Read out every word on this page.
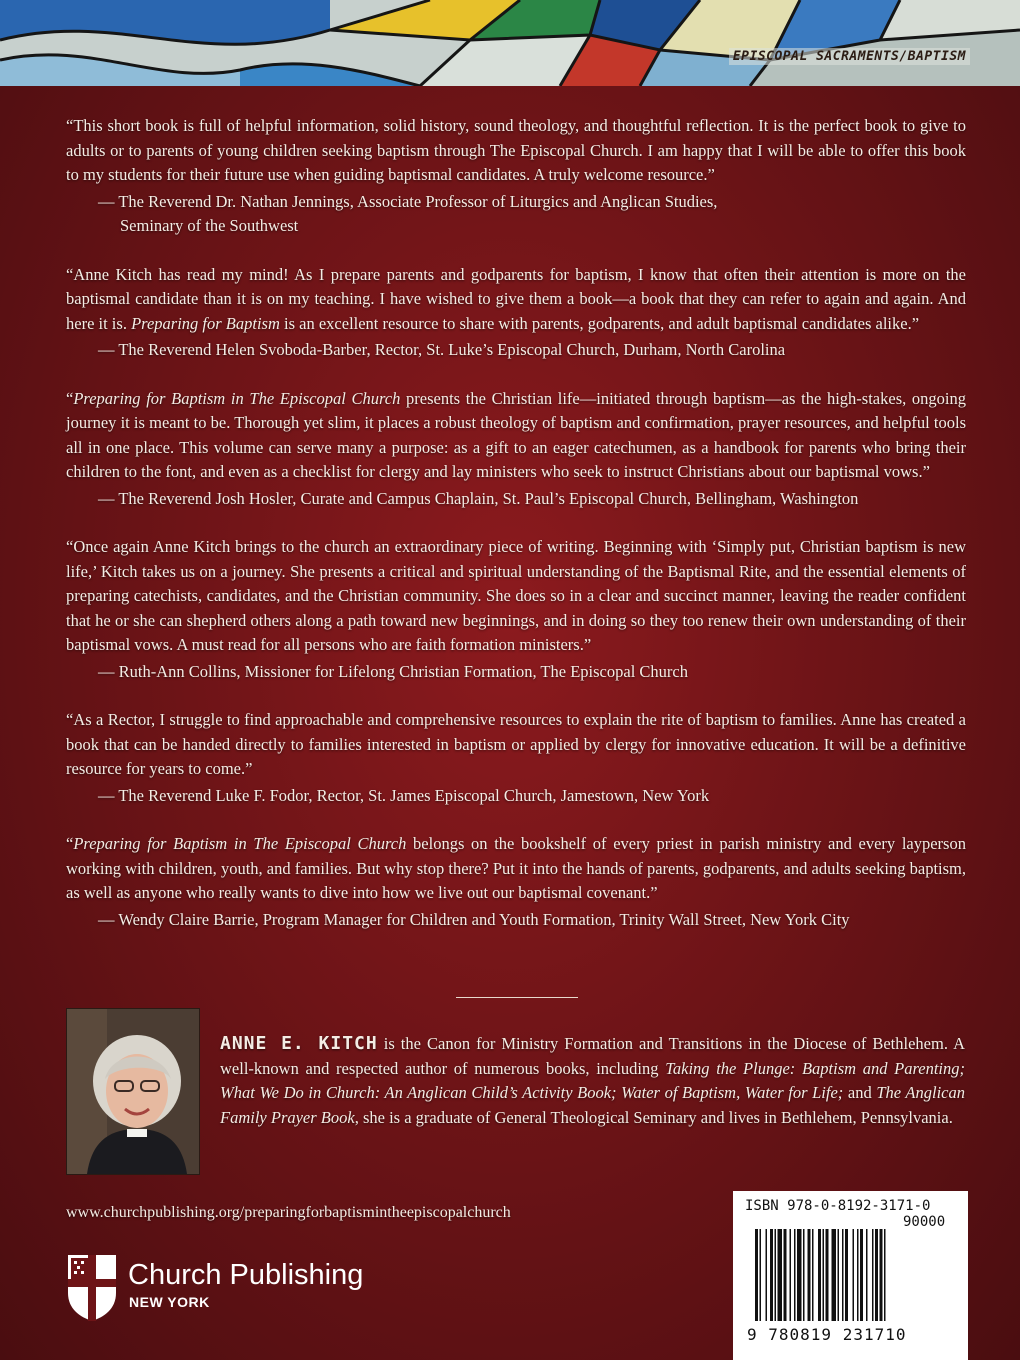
EPISCOPAL SACRAMENTS/BAPTISM

“This short book is full of helpful information, solid history, sound theology, and thoughtful reflection. It is the perfect book to give to adults or to parents of young children seeking baptism through The Episcopal Church. I am happy that I will be able to offer this book to my students for their future use when guiding baptismal candidates. A truly welcome resource.”

— The Reverend Dr. Nathan Jennings, Associate Professor of Liturgics and Anglican Studies,
Seminary of the Southwest

“Anne Kitch has read my mind! As I prepare parents and godparents for baptism, I know that often their attention is more on the baptismal candidate than it is on my teaching. I have wished to give them a book—a book that they can refer to again and again. And here it is. Preparing for Baptism is an excellent resource to share with parents, godparents, and adult baptismal candidates alike.”

— The Reverend Helen Svoboda-Barber, Rector, St. Luke’s Episcopal Church, Durham, North Carolina

“Preparing for Baptism in The Episcopal Church presents the Christian life—initiated through baptism—as the high-stakes, ongoing journey it is meant to be. Thorough yet slim, it places a robust theology of baptism and confirmation, prayer resources, and helpful tools all in one place. This volume can serve many a purpose: as a gift to an eager catechumen, as a handbook for parents who bring their children to the font, and even as a checklist for clergy and lay ministers who seek to instruct Christians about our baptismal vows.”

— The Reverend Josh Hosler, Curate and Campus Chaplain, St. Paul’s Episcopal Church, Bellingham, Washington

“Once again Anne Kitch brings to the church an extraordinary piece of writing. Beginning with ‘Simply put, Christian baptism is new life,’ Kitch takes us on a journey. She presents a critical and spiritual understanding of the Baptismal Rite, and the essential elements of preparing catechists, candidates, and the Christian community. She does so in a clear and succinct manner, leaving the reader confident that he or she can shepherd others along a path toward new beginnings, and in doing so they too renew their own understanding of their baptismal vows. A must read for all persons who are faith formation ministers.”

— Ruth-Ann Collins, Missioner for Lifelong Christian Formation, The Episcopal Church

“As a Rector, I struggle to find approachable and comprehensive resources to explain the rite of baptism to families. Anne has created a book that can be handed directly to families interested in baptism or applied by clergy for innovative education. It will be a definitive resource for years to come.”

— The Reverend Luke F. Fodor, Rector, St. James Episcopal Church, Jamestown, New York

“Preparing for Baptism in The Episcopal Church belongs on the bookshelf of every priest in parish ministry and every layperson working with children, youth, and families. But why stop there? Put it into the hands of parents, godparents, and adults seeking baptism, as well as anyone who really wants to dive into how we live out our baptismal covenant.”

— Wendy Claire Barrie, Program Manager for Children and Youth Formation, Trinity Wall Street, New York City
ANNE E. KITCH is the Canon for Ministry Formation and Transitions in the Diocese of Bethlehem. A well-known and respected author of numerous books, including Taking the Plunge: Baptism and Parenting; What We Do in Church: An Anglican Child’s Activity Book; Water of Baptism, Water for Life; and The Anglican Family Prayer Book, she is a graduate of General Theological Seminary and lives in Bethlehem, Pennsylvania.
www.churchpublishing.org/preparingforbaptismintheepiscopalchurch
Church Publishing
NEW YORK
ISBN 978-0-8192-3171-0
90000
9 780819 231710
